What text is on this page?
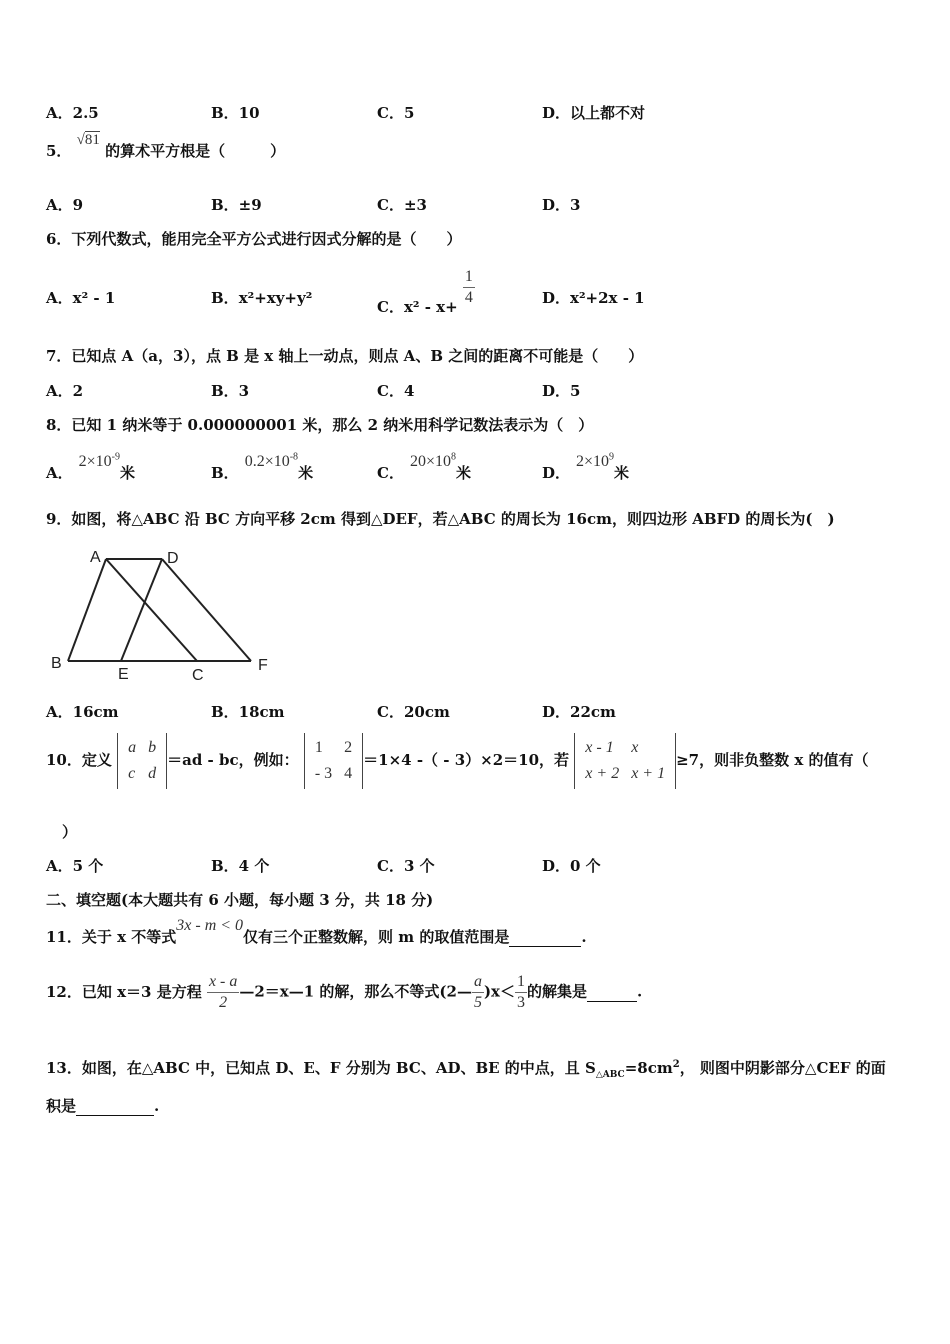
A．2.5	B．10	C．5	D．以上都不对
5． √81 的算术平方根是（　　　）
A．9	B．±9	C．±3	D．3
6．下列代数式，能用完全平方公式进行因式分解的是（　　）
A．x² - 1	B．x²+xy+y²	C．$x^2 - x+ \frac{1}{4}$	D．x²+2x - 1
7．已知点 A（a，3），点 B 是 x 轴上一动点，则点 A、B 之间的距离不可能是（　　）
A．2	B．3	C．4	D．5
8．已知 1 纳米等于 0.000000001 米，那么 2 纳米用科学记数法表示为（　）
A．$2\times 10^{-9}$米	B．$0.2\times 10^{-8}$米	C．$20\times 10^8$米	D．$2\times 10^9$米
9．如图，将△ABC 沿 BC 方向平移 2cm 得到△DEF，若△ABC 的周长为 16cm，则四边形 ABFD 的周长为(　)
A	D
B
E	C
F
A．16cm	B．18cm	C．20cm	D．22cm
10．定义
a	b
c	d
＝ad - bc，例如：
1	2
- 3	4
＝1×4 -（ - 3）×2＝10，若
x - 1	x
x + 2	x + 1
≥7，则非负整数 x 的值有（
）
A．5 个	B．4 个	C．3 个	D．0 个
二、填空题(本大题共有 6 小题，每小题 3 分，共 18 分)
11．关于 x 不等式3x - m < 0仅有三个正整数解，则 m 的取值范围是	.
12．已知 x＝3 是方程 $\frac{x - a}{2}$ —2＝x—1 的解，那么不等式(2— $\frac{a}{5} )x< \frac{1}{3}$ 的解集是	.
13．如图，在△ABC 中，已知点 D、E、F 分别为 BC、AD、BE 的中点，且 $S_{\triangle ABC}=8cm^2$， 则图中阴影部分△CEF 的面
积是	.
